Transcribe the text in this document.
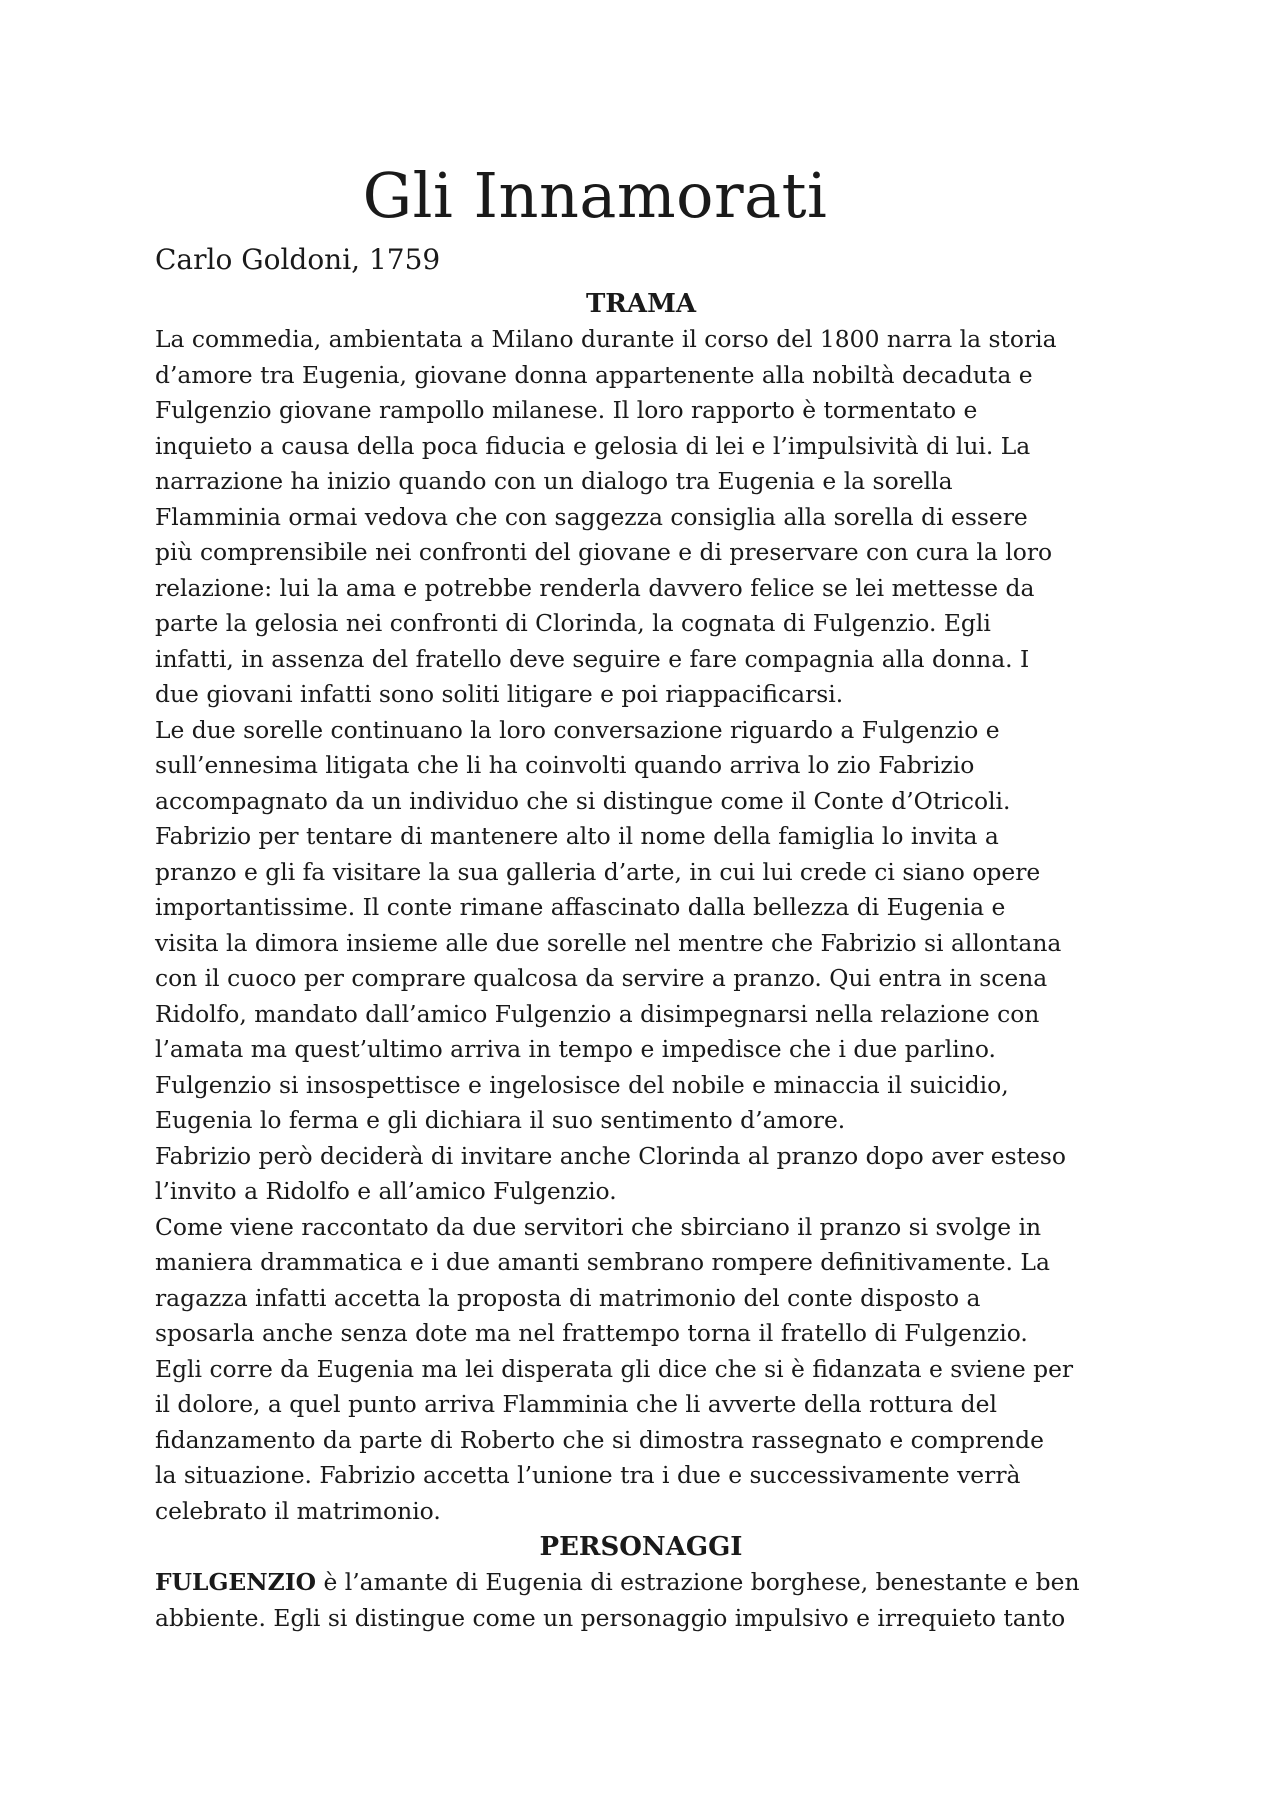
Gli Innamorati

Carlo Goldoni, 1759

TRAMA
La commedia, ambientata a Milano durante il corso del 1800 narra la storia
d’amore tra Eugenia, giovane donna appartenente alla nobiltà decaduta e
Fulgenzio giovane rampollo milanese. Il loro rapporto è tormentato e
inquieto a causa della poca fiducia e gelosia di lei e l’impulsività di lui. La
narrazione ha inizio quando con un dialogo tra Eugenia e la sorella
Flamminia ormai vedova che con saggezza consiglia alla sorella di essere
più comprensibile nei confronti del giovane e di preservare con cura la loro
relazione: lui la ama e potrebbe renderla davvero felice se lei mettesse da
parte la gelosia nei confronti di Clorinda, la cognata di Fulgenzio. Egli
infatti, in assenza del fratello deve seguire e fare compagnia alla donna. I
due giovani infatti sono soliti litigare e poi riappacificarsi.
Le due sorelle continuano la loro conversazione riguardo a Fulgenzio e
sull’ennesima litigata che li ha coinvolti quando arriva lo zio Fabrizio
accompagnato da un individuo che si distingue come il Conte d’Otricoli.
Fabrizio per tentare di mantenere alto il nome della famiglia lo invita a
pranzo e gli fa visitare la sua galleria d’arte, in cui lui crede ci siano opere
importantissime. Il conte rimane affascinato dalla bellezza di Eugenia e
visita la dimora insieme alle due sorelle nel mentre che Fabrizio si allontana
con il cuoco per comprare qualcosa da servire a pranzo. Qui entra in scena
Ridolfo, mandato dall’amico Fulgenzio a disimpegnarsi nella relazione con
l’amata ma quest’ultimo arriva in tempo e impedisce che i due parlino.
Fulgenzio si insospettisce e ingelosisce del nobile e minaccia il suicidio,
Eugenia lo ferma e gli dichiara il suo sentimento d’amore.
Fabrizio però deciderà di invitare anche Clorinda al pranzo dopo aver esteso
l’invito a Ridolfo e all’amico Fulgenzio.
Come viene raccontato da due servitori che sbirciano il pranzo si svolge in
maniera drammatica e i due amanti sembrano rompere definitivamente. La
ragazza infatti accetta la proposta di matrimonio del conte disposto a
sposarla anche senza dote ma nel frattempo torna il fratello di Fulgenzio.
Egli corre da Eugenia ma lei disperata gli dice che si è fidanzata e sviene per
il dolore, a quel punto arriva Flamminia che li avverte della rottura del
fidanzamento da parte di Roberto che si dimostra rassegnato e comprende
la situazione. Fabrizio accetta l’unione tra i due e successivamente verrà
celebrato il matrimonio.
PERSONAGGI
FULGENZIO è l’amante di Eugenia di estrazione borghese, benestante e ben
abbiente. Egli si distingue come un personaggio impulsivo e irrequieto tanto
